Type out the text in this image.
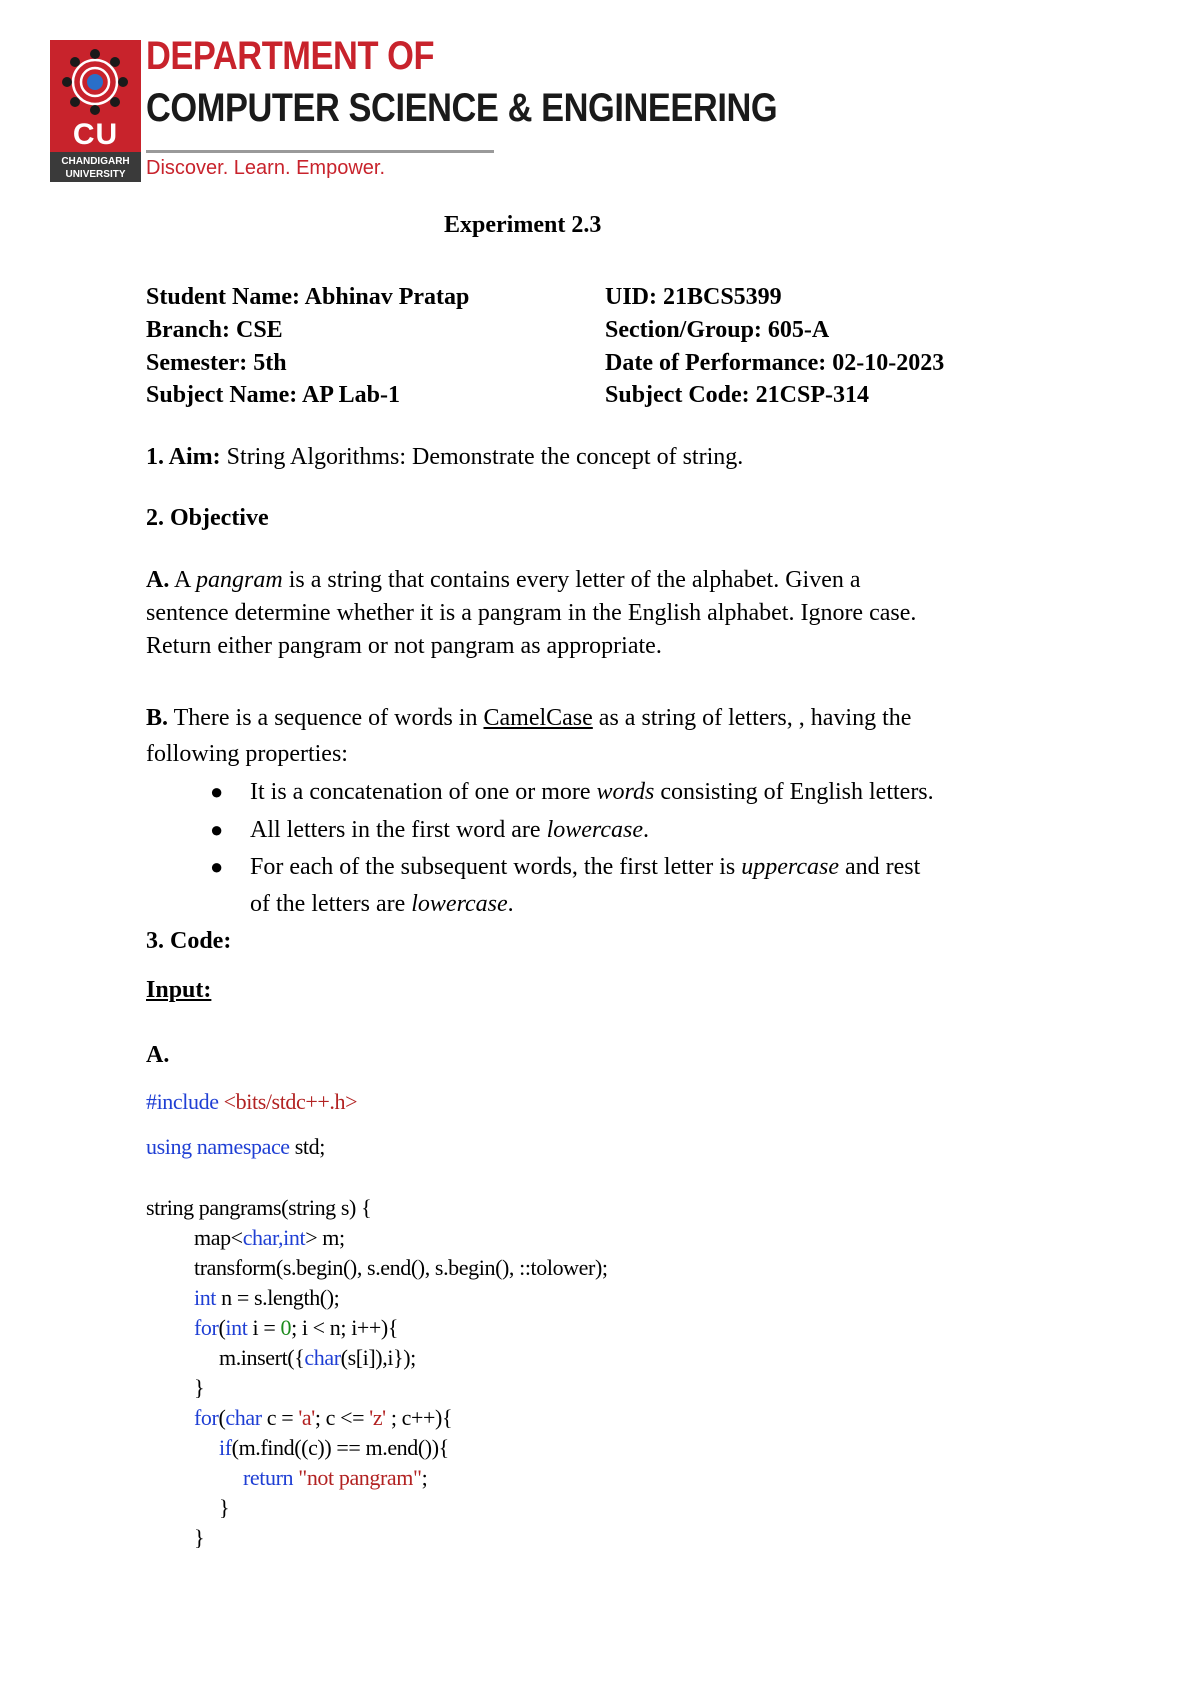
CU
CHANDIGARH
UNIVERSITY
DEPARTMENT OF
COMPUTER SCIENCE & ENGINEERING
Discover. Learn. Empower.
Experiment 2.3
Student Name: Abhinav Pratap	UID: 21BCS5399
Branch: CSE	Section/Group: 605-A
Semester: 5th	Date of Performance: 02-10-2023
Subject Name: AP Lab-1	Subject Code: 21CSP-314
1. Aim: String Algorithms: Demonstrate the concept of string.
2. Objective
A. A pangram is a string that contains every letter of the alphabet. Given a
sentence determine whether it is a pangram in the English alphabet. Ignore case.
Return either pangram or not pangram as appropriate.
B. There is a sequence of words in CamelCase as a string of letters, , having the
following properties:
● It is a concatenation of one or more words consisting of English letters.
● All letters in the first word are lowercase.
● For each of the subsequent words, the first letter is uppercase and rest
of the letters are lowercase.
3. Code:
Input:
A.
#include <bits/stdc++.h>
using namespace std;
string pangrams(string s) {
map<char,int> m;
transform(s.begin(), s.end(), s.begin(), ::tolower);
int n = s.length();
for(int i = 0; i < n; i++){
m.insert({char(s[i]),i});
}
for(char c = 'a'; c <= 'z' ; c++){
if(m.find((c)) == m.end()){
return "not pangram";
}
}
